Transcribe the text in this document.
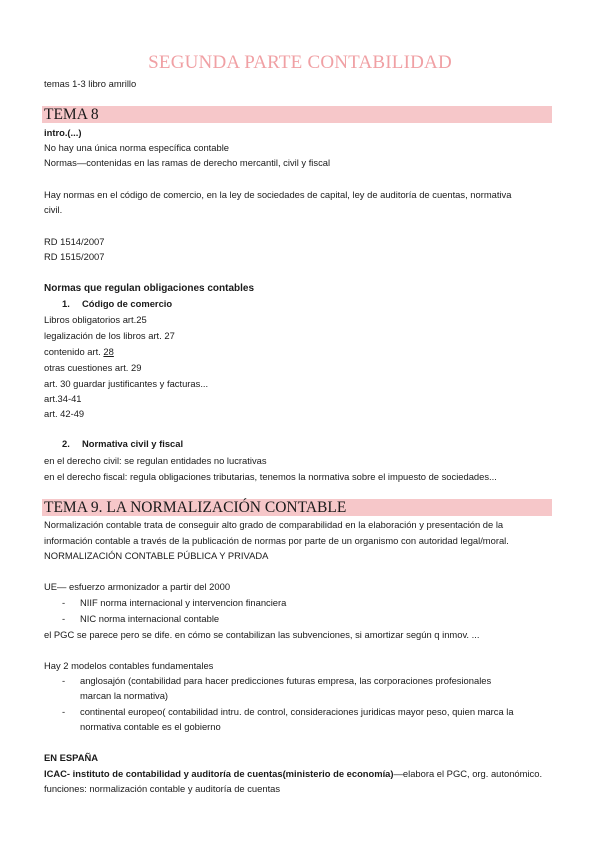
SEGUNDA PARTE CONTABILIDAD
temas 1-3 libro amrillo
TEMA 8
intro.(...)
No hay una única norma específica contable
Normas—contenidas en las ramas de derecho mercantil, civil y fiscal
Hay normas en el código de comercio, en la ley de sociedades de capital, ley de auditoría de cuentas, normativa
civil.
RD 1514/2007
RD 1515/2007
Normas que regulan obligaciones contables
1. Código de comercio
Libros obligatorios art.25
legalización de los libros art. 27
contenido art. 28
otras cuestiones art. 29
art. 30 guardar justificantes y facturas...
art.34-41
art. 42-49
2. Normativa civil y fiscal
en el derecho civil: se regulan entidades no lucrativas
en el derecho fiscal: regula obligaciones tributarias, tenemos la normativa sobre el impuesto de sociedades...
TEMA 9. LA NORMALIZACIÓN CONTABLE
Normalización contable trata de conseguir alto grado de comparabilidad en la elaboración y presentación de la
información contable a través de la publicación de normas por parte de un organismo con autoridad legal/moral.
NORMALIZACIÓN CONTABLE PÚBLICA Y PRIVADA
UE— esfuerzo armonizador a partir del 2000
- NIIF norma internacional y intervencion financiera
- NIC norma internacional contable
el PGC se parece pero se dife. en cómo se contabilizan las subvenciones, si amortizar según q inmov. ...
Hay 2 modelos contables fundamentales
- anglosajón (contabilidad para hacer predicciones futuras empresa, las corporaciones profesionales
marcan la normativa)
- continental europeo( contabilidad intru. de control, consideraciones juridicas mayor peso, quien marca la
normativa contable es el gobierno
EN ESPAÑA
ICAC- instituto de contabilidad y auditoría de cuentas(ministerio de economía)—elabora el PGC, org. autonómico.
funciones: normalización contable y auditoría de cuentas
